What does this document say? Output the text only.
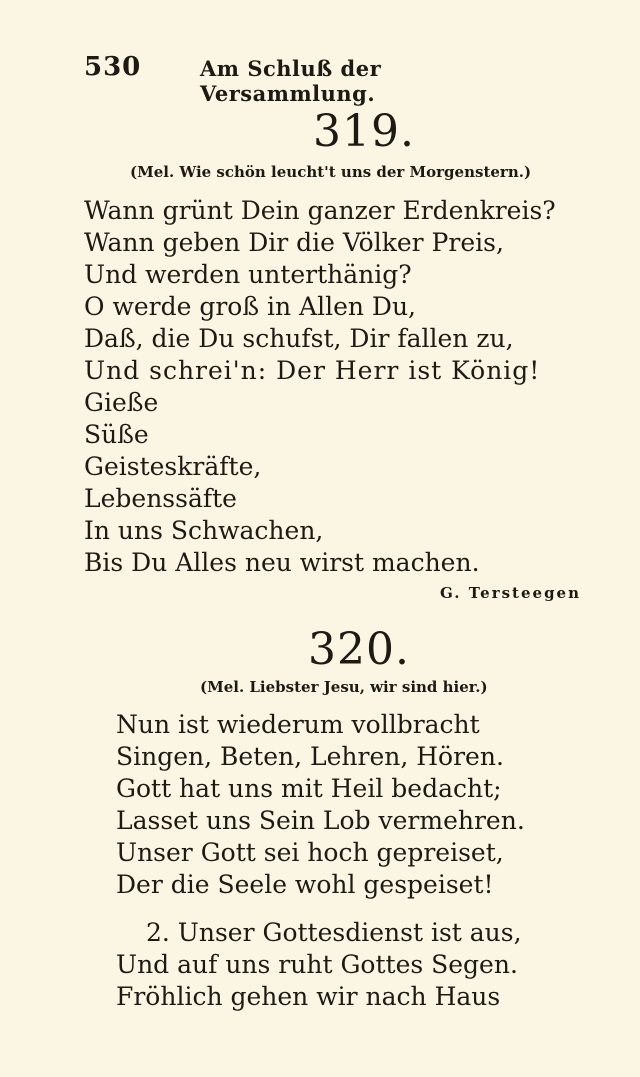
530	Am Schluß der Versammlung.
319.
(Mel. Wie schön leucht't uns der Morgenstern.)
Wann grünt Dein ganzer Erdenkreis?
Wann geben Dir die Völker Preis,
Und werden unterthänig?
O werde groß in Allen Du,
Daß, die Du schufst, Dir fallen zu,
Und schrei'n: Der Herr ist König!
Gieße
Süße
Geisteskräfte,
Lebenssäfte
In uns Schwachen,
Bis Du Alles neu wirst machen.
G. Tersteegen
320.
(Mel. Liebster Jesu, wir sind hier.)
Nun ist wiederum vollbracht
Singen, Beten, Lehren, Hören.
Gott hat uns mit Heil bedacht;
Lasset uns Sein Lob vermehren.
Unser Gott sei hoch gepreiset,
Der die Seele wohl gespeiset!
2. Unser Gottesdienst ist aus,
Und auf uns ruht Gottes Segen.
Fröhlich gehen wir nach Haus
